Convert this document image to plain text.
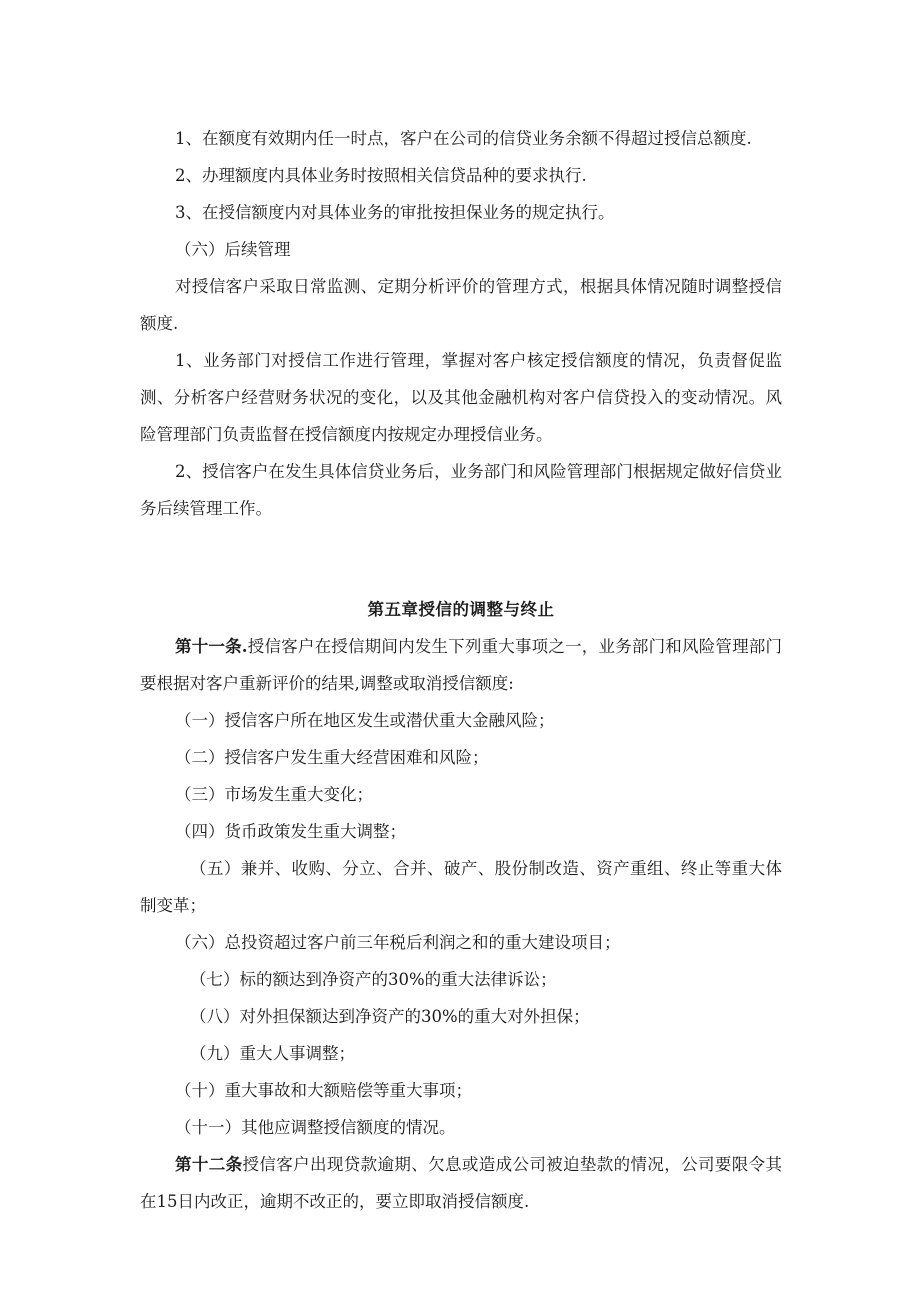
1、在额度有效期内任一时点，客户在公司的信贷业务余额不得超过授信总额度.

2、办理额度内具体业务时按照相关信贷品种的要求执行.

3、在授信额度内对具体业务的审批按担保业务的规定执行。

（六）后续管理

对授信客户采取日常监测、定期分析评价的管理方式，根据具体情况随时调整授信额度.

1、业务部门对授信工作进行管理，掌握对客户核定授信额度的情况，负责督促监测、分析客户经营财务状况的变化，以及其他金融机构对客户信贷投入的变动情况。风险管理部门负责监督在授信额度内按规定办理授信业务。

2、授信客户在发生具体信贷业务后，业务部门和风险管理部门根据规定做好信贷业务后续管理工作。

第五章授信的调整与终止

第十一条.授信客户在授信期间内发生下列重大事项之一，业务部门和风险管理部门要根据对客户重新评价的结果,调整或取消授信额度:

（一）授信客户所在地区发生或潜伏重大金融风险；

（二）授信客户发生重大经营困难和风险；

（三）市场发生重大变化；

（四）货币政策发生重大调整；

（五）兼并、收购、分立、合并、破产、股份制改造、资产重组、终止等重大体制变革；

（六）总投资超过客户前三年税后利润之和的重大建设项目；

（七）标的额达到净资产的30%的重大法律诉讼；

（八）对外担保额达到净资产的30%的重大对外担保；

（九）重大人事调整；

（十）重大事故和大额赔偿等重大事项；

（十一）其他应调整授信额度的情况。

第十二条授信客户出现贷款逾期、欠息或造成公司被迫垫款的情况，公司要限令其在15日内改正，逾期不改正的，要立即取消授信额度.
